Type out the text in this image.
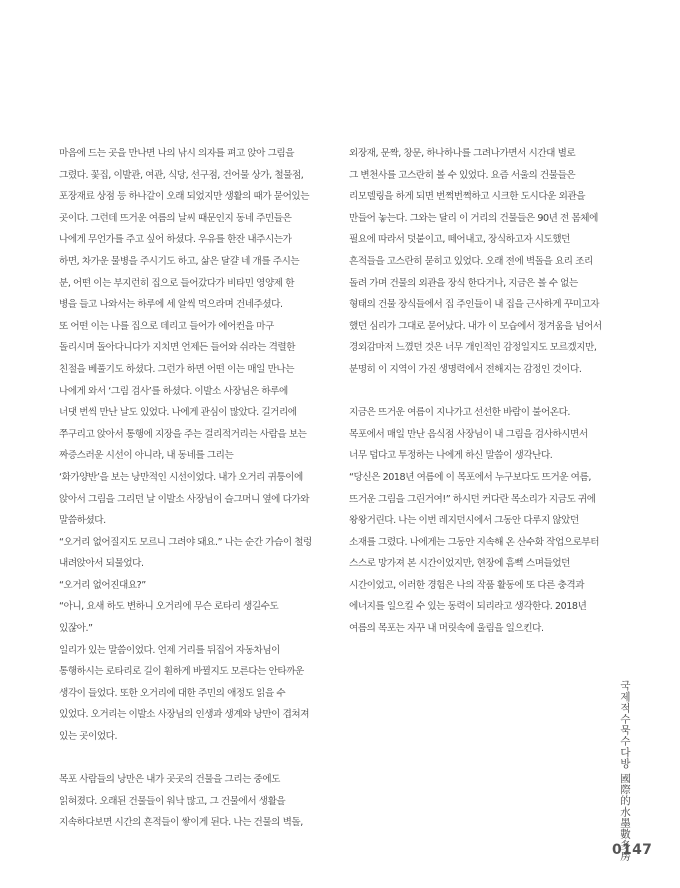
마음에 드는 곳을 만나면 나의 낚시 의자를 펴고 앉아 그림을
그렸다. 꽃집, 이발관, 여관, 식당, 선구점, 건어물 상가, 철물점,
포장재료 상점 등 하나같이 오래 되었지만 생활의 때가 묻어있는
곳이다. 그런데 뜨거운 여름의 날씨 때문인지 동네 주민들은
나에게 무언가를 주고 싶어 하셨다. 우유를 한잔 내주시는가
하면, 차가운 물병을 주시기도 하고, 삶은 달걀 네 개를 주시는
분, 어떤 이는 부지런히 집으로 들어갔다가 비타민 영양제 한
병을 들고 나와서는 하루에 세 알씩 먹으라며 건네주셨다.
또 어떤 이는 나를 집으로 데리고 들어가 에어컨을 마구
돌리시며 돌아다니다가 지치면 언제든 들어와 쉬라는 격렬한
친절을 베풀기도 하셨다. 그런가 하면 어떤 이는 매일 만나는
나에게 와서 ‘그림 검사’를 하셨다. 이발소 사장님은 하루에
너댓 번씩 만난 날도 있었다. 나에게 관심이 많았다. 길거리에
쭈구리고 앉아서 통행에 지장을 주는 걸리적거리는 사람을 보는
짜증스러운 시선이 아니라, 내 동네를 그리는
‘화가양반’을 보는 낭만적인 시선이었다. 내가 오거리 귀퉁이에
앉아서 그림을 그리던 날 이발소 사장님이 슬그머니 옆에 다가와
말씀하셨다.
“오거리 없어질지도 모르니 그려야 돼요.” 나는 순간 가슴이 철렁
내려앉아서 되물었다.
“오거리 없어진대요?”
“아니, 요새 하도 변하니 오거리에 무슨 로타리 생길수도
있잖아.”
일리가 있는 말씀이었다. 언제 거리를 뒤집어 자동차님이
통행하시는 로타리로 길이 훤하게 바뀔지도 모른다는 안타까운
생각이 들었다. 또한 오거리에 대한 주민의 애정도 읽을 수
있었다. 오거리는 이발소 사장님의 인생과 생계와 낭만이 겹쳐져
있는 곳이었다.
목포 사람들의 낭만은 내가 곳곳의 건물을 그리는 중에도
읽혀졌다. 오래된 건물들이 워낙 많고, 그 건물에서 생활을
지속하다보면 시간의 흔적들이 쌓이게 된다. 나는 건물의 벽돌,
외장재, 문짝, 창문, 하나하나를 그려나가면서 시간대 별로
그 변천사를 고스란히 볼 수 있었다. 요즘 서울의 건물들은
리모델링을 하게 되면 번쩍번쩍하고 시크한 도시다운 외관을
만들어 놓는다. 그와는 달리 이 거리의 건물들은 90년 전 몸체에
필요에 따라서 덧붙이고, 떼어내고, 장식하고자 시도했던
흔적들을 고스란히 묻히고 있었다. 오래 전에 벽돌을 요리 조리
돌려 가며 건물의 외관을 장식 한다거나, 지금은 볼 수 없는
형태의 건물 장식들에서 집 주인들이 내 집을 근사하게 꾸미고자
했던 심리가 그대로 묻어났다. 내가 이 모습에서 정겨움을 넘어서
경외감마저 느꼈던 것은 너무 개인적인 감정일지도 모르겠지만,
분명히 이 지역이 가진 생명력에서 전해지는 감정인 것이다.
지금은 뜨거운 여름이 지나가고 선선한 바람이 불어온다.
목포에서 매일 만난 음식점 사장님이 내 그림을 검사하시면서
너무 덥다고 투정하는 나에게 하신 말씀이 생각난다.
“당신은 2018년 여름에 이 목포에서 누구보다도 뜨거운 여름,
뜨거운 그림을 그린거여!” 하시던 커다란 목소리가 지금도 귀에
왕왕거린다. 나는 이번 레지던시에서 그동안 다루지 않았던
소재를 그렸다. 나에게는 그동안 지속해 온 산수화 작업으로부터
스스로 망가져 본 시간이었지만, 현장에 흠뻑 스며들었던
시간이었고, 이러한 경험은 나의 작품 활동에 또 다른 충격과
에너지를 일으킬 수 있는 동력이 되리라고 생각한다. 2018년
여름의 목포는 자꾸 내 머릿속에 울림을 일으킨다.
국제적수묵수다방 國際的水墨數多房
0147
